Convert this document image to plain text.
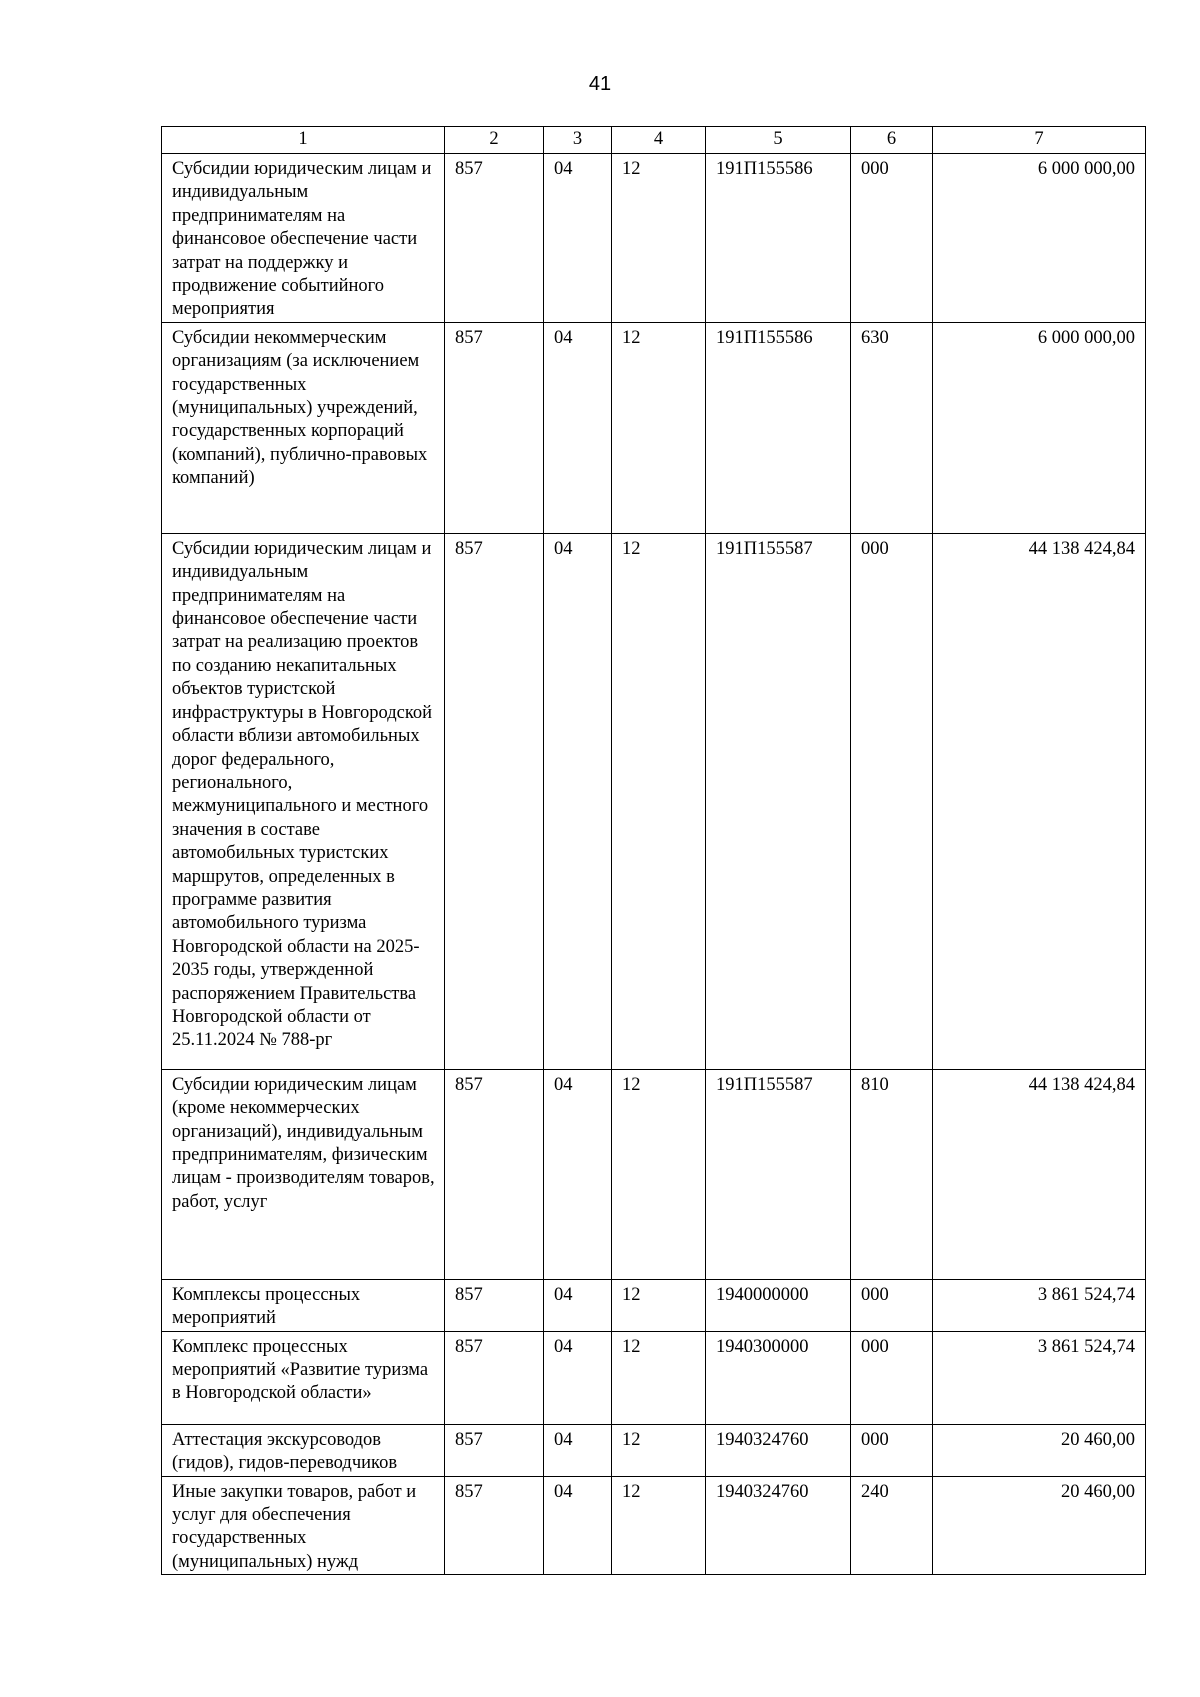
41
1	2	3	4	5	6	7
Субсидии юридическим лицам и индивидуальным предпринимателям на финансовое обеспечение части затрат на поддержку и продвижение событийного мероприятия	857	04	12	191П155586	000	6 000 000,00
Субсидии некоммерческим организациям (за исключением государственных (муниципальных) учреждений, государственных корпораций (компаний), публично-правовых компаний)	857	04	12	191П155586	630	6 000 000,00
Субсидии юридическим лицам и индивидуальным предпринимателям на финансовое обеспечение части затрат на реализацию проектов по созданию некапитальных объектов туристской инфраструктуры в Новгородской области вблизи автомобильных дорог федерального, регионального, межмуниципального и местного значения в составе автомобильных туристских маршрутов, определенных в программе развития автомобильного туризма Новгородской области на 2025-2035 годы, утвержденной распоряжением Правительства Новгородской области от 25.11.2024 № 788-рг	857	04	12	191П155587	000	44 138 424,84
Субсидии юридическим лицам (кроме некоммерческих организаций), индивидуальным предпринимателям, физическим лицам - производителям товаров, работ, услуг	857	04	12	191П155587	810	44 138 424,84
Комплексы процессных мероприятий	857	04	12	1940000000	000	3 861 524,74
Комплекс процессных мероприятий «Развитие туризма в Новгородской области»	857	04	12	1940300000	000	3 861 524,74
Аттестация экскурсоводов (гидов), гидов-переводчиков	857	04	12	1940324760	000	20 460,00
Иные закупки товаров, работ и услуг для обеспечения государственных (муниципальных) нужд	857	04	12	1940324760	240	20 460,00
